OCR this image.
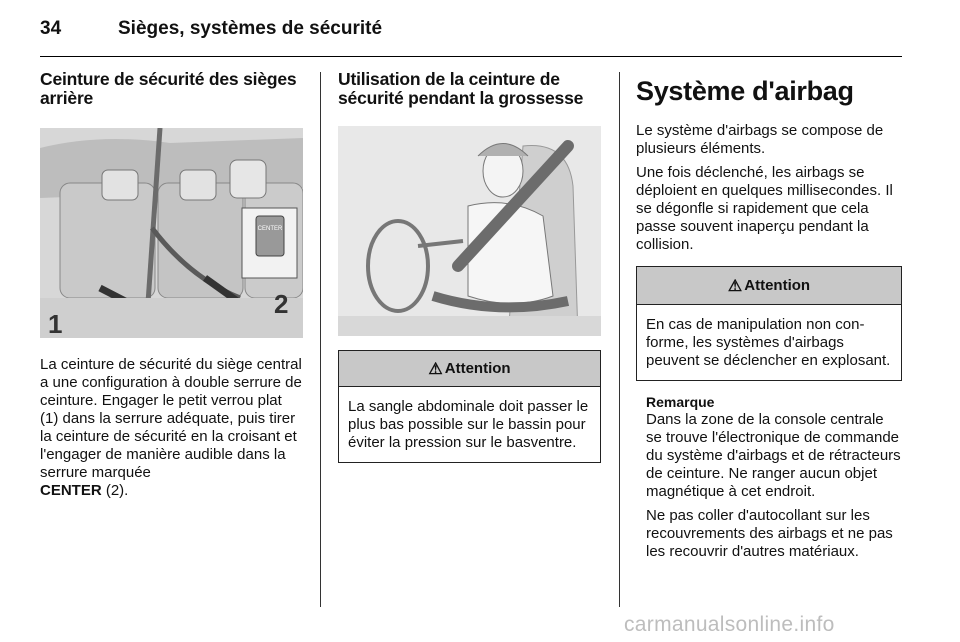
34	Sièges, systèmes de sécurité
Ceinture de sécurité des sièges arrière
CENTER
1
2

La ceinture de sécurité du siège central a une configuration à double serrure de ceinture. Engager le petit verrou plat (1) dans la serrure adéquate, puis tirer la ceinture de sécurité en la croisant et l'engager de manière audible dans la serrure marquée
CENTER (2).

Utilisation de la ceinture de sécurité pendant la grossesse
⚠ Attention
La sangle abdominale doit passer le plus bas possible sur le bassin pour éviter la pression sur le basventre.
Système d'airbag

Le système d'airbags se compose de plusieurs éléments.

Une fois déclenché, les airbags se déploient en quelques millisecondes. Il se dégonfle si rapidement que cela passe souvent inaperçu pendant la collision.

⚠ Attention
En cas de manipulation non conforme, les systèmes d'airbags peuvent se déclencher en explosant.

Remarque

Dans la zone de la console centrale se trouve l'électronique de commande du système d'airbags et de rétracteurs de ceinture. Ne ranger aucun objet magnétique à cet endroit.

Ne pas coller d'autocollant sur les recouvrements des airbags et ne pas les recouvrir d'autres matériaux.

carmanualsonline.info
